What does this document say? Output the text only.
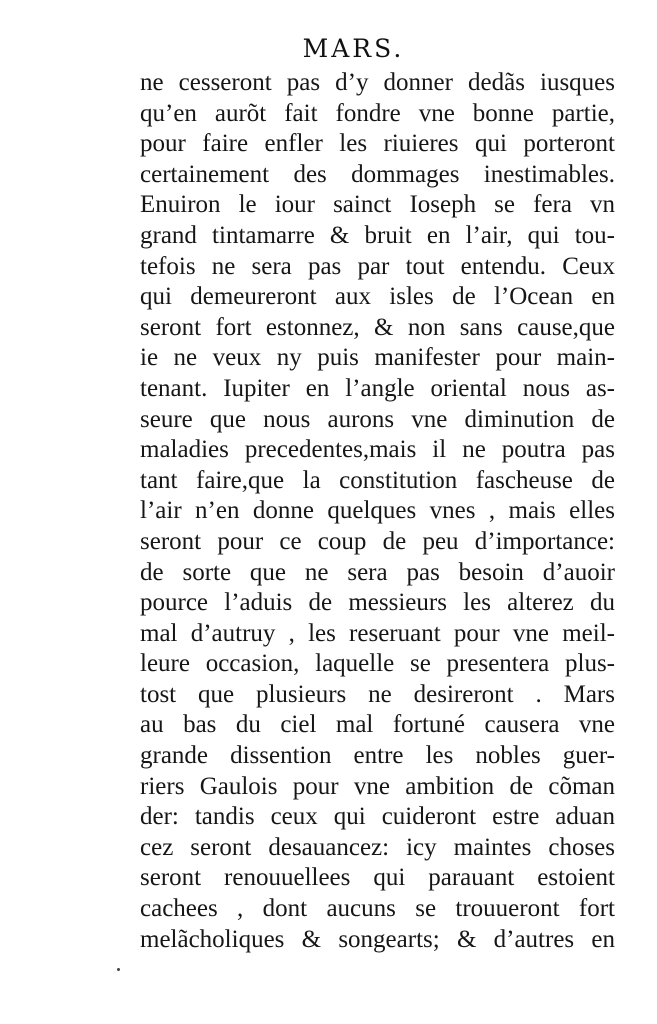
MARS.
ne cesseront pas d’y donner dedãs iusques
qu’en aurõt fait fondre vne bonne partie,
pour faire enfler les riuieres qui porteront
certainement des dommages inestimables.
Enuiron le iour sainct Ioseph se fera vn
grand tintamarre & bruit en l’air, qui tou-
tefois ne sera pas par tout entendu. Ceux
qui demeureront aux isles de l’Ocean en
seront fort estonnez, & non sans cause,que
ie ne veux ny puis manifester pour main-
tenant. Iupiter en l’angle oriental nous as-
seure que nous aurons vne diminution de
maladies precedentes,mais il ne poutra pas
tant faire,que la constitution fascheuse de
l’air n’en donne quelques vnes , mais elles
seront pour ce coup de peu d’importance:
de sorte que ne sera pas besoin d’auoir
pource l’aduis de messieurs les alterez du
mal d’autruy , les reseruant pour vne meil-
leure occasion, laquelle se presentera plus-
tost que plusieurs ne desireront . Mars
au bas du ciel mal fortuné causera vne
grande dissention entre les nobles guer-
riers Gaulois pour vne ambition de cõman
der: tandis ceux qui cuideront estre aduan
cez seront desauancez: icy maintes choses
seront renouuellees qui parauant estoient
cachees , dont aucuns se trouueront fort
melãcholiques & songearts; & d’autres en
